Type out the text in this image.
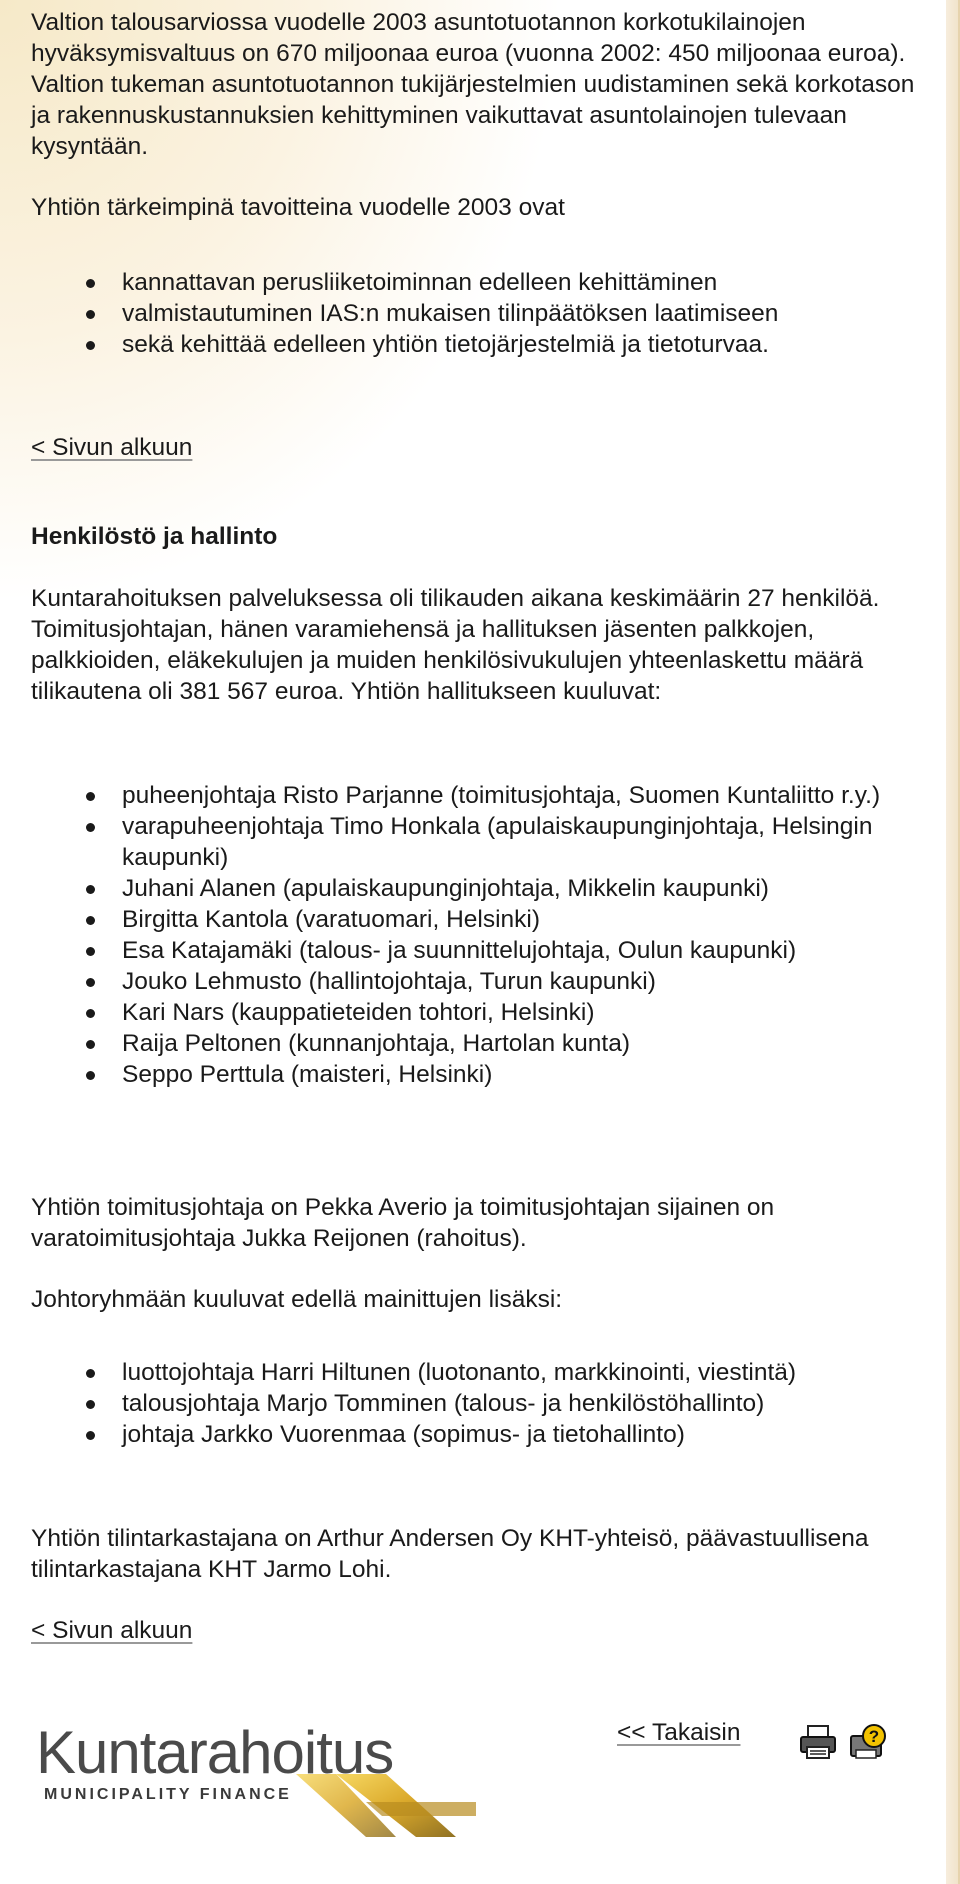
Valtion talousarviossa vuodelle 2003 asuntotuotannon korkotukilainojen hyväksymisvaltuus on 670 miljoonaa euroa (vuonna 2002: 450 miljoonaa euroa). Valtion tukeman asuntotuotannon tukijärjestelmien uudistaminen sekä korkotason ja rakennuskustannuksien kehittyminen vaikuttavat asuntolainojen tulevaan kysyntään.

Yhtiön tärkeimpinä tavoitteina vuodelle 2003 ovat

kannattavan perusliiketoiminnan edelleen kehittäminen
valmistautuminen IAS:n mukaisen tilinpäätöksen laatimiseen
sekä kehittää edelleen yhtiön tietojärjestelmiä ja tietoturvaa.
< Sivun alkuun
Henkilöstö ja hallinto

Kuntarahoituksen palveluksessa oli tilikauden aikana keskimäärin 27 henkilöä. Toimitusjohtajan, hänen varamiehensä ja hallituksen jäsenten palkkojen, palkkioiden, eläkekulujen ja muiden henkilösivukulujen yhteenlaskettu määrä tilikautena oli 381 567 euroa. Yhtiön hallitukseen kuuluvat:

puheenjohtaja Risto Parjanne (toimitusjohtaja, Suomen Kuntaliitto r.y.)
varapuheenjohtaja Timo Honkala (apulaiskaupunginjohtaja, Helsingin kaupunki)
Juhani Alanen (apulaiskaupunginjohtaja, Mikkelin kaupunki)
Birgitta Kantola (varatuomari, Helsinki)
Esa Katajamäki (talous- ja suunnittelujohtaja, Oulun kaupunki)
Jouko Lehmusto (hallintojohtaja, Turun kaupunki)
Kari Nars (kauppatieteiden tohtori, Helsinki)
Raija Peltonen (kunnanjohtaja, Hartolan kunta)
Seppo Perttula (maisteri, Helsinki)

Yhtiön toimitusjohtaja on Pekka Averio ja toimitusjohtajan sijainen on varatoimitusjohtaja Jukka Reijonen (rahoitus).

Johtoryhmään kuuluvat edellä mainittujen lisäksi:

luottojohtaja Harri Hiltunen (luotonanto, markkinointi, viestintä)
talousjohtaja Marjo Tomminen (talous- ja henkilöstöhallinto)
johtaja Jarkko Vuorenmaa (sopimus- ja tietohallinto)

Yhtiön tilintarkastajana on Arthur Andersen Oy KHT-yhteisö, päävastuullisena tilintarkastajana KHT Jarmo Lohi.

< Sivun alkuun
Kuntarahoitus
MUNICIPALITY FINANCE
<< Takaisin	?
